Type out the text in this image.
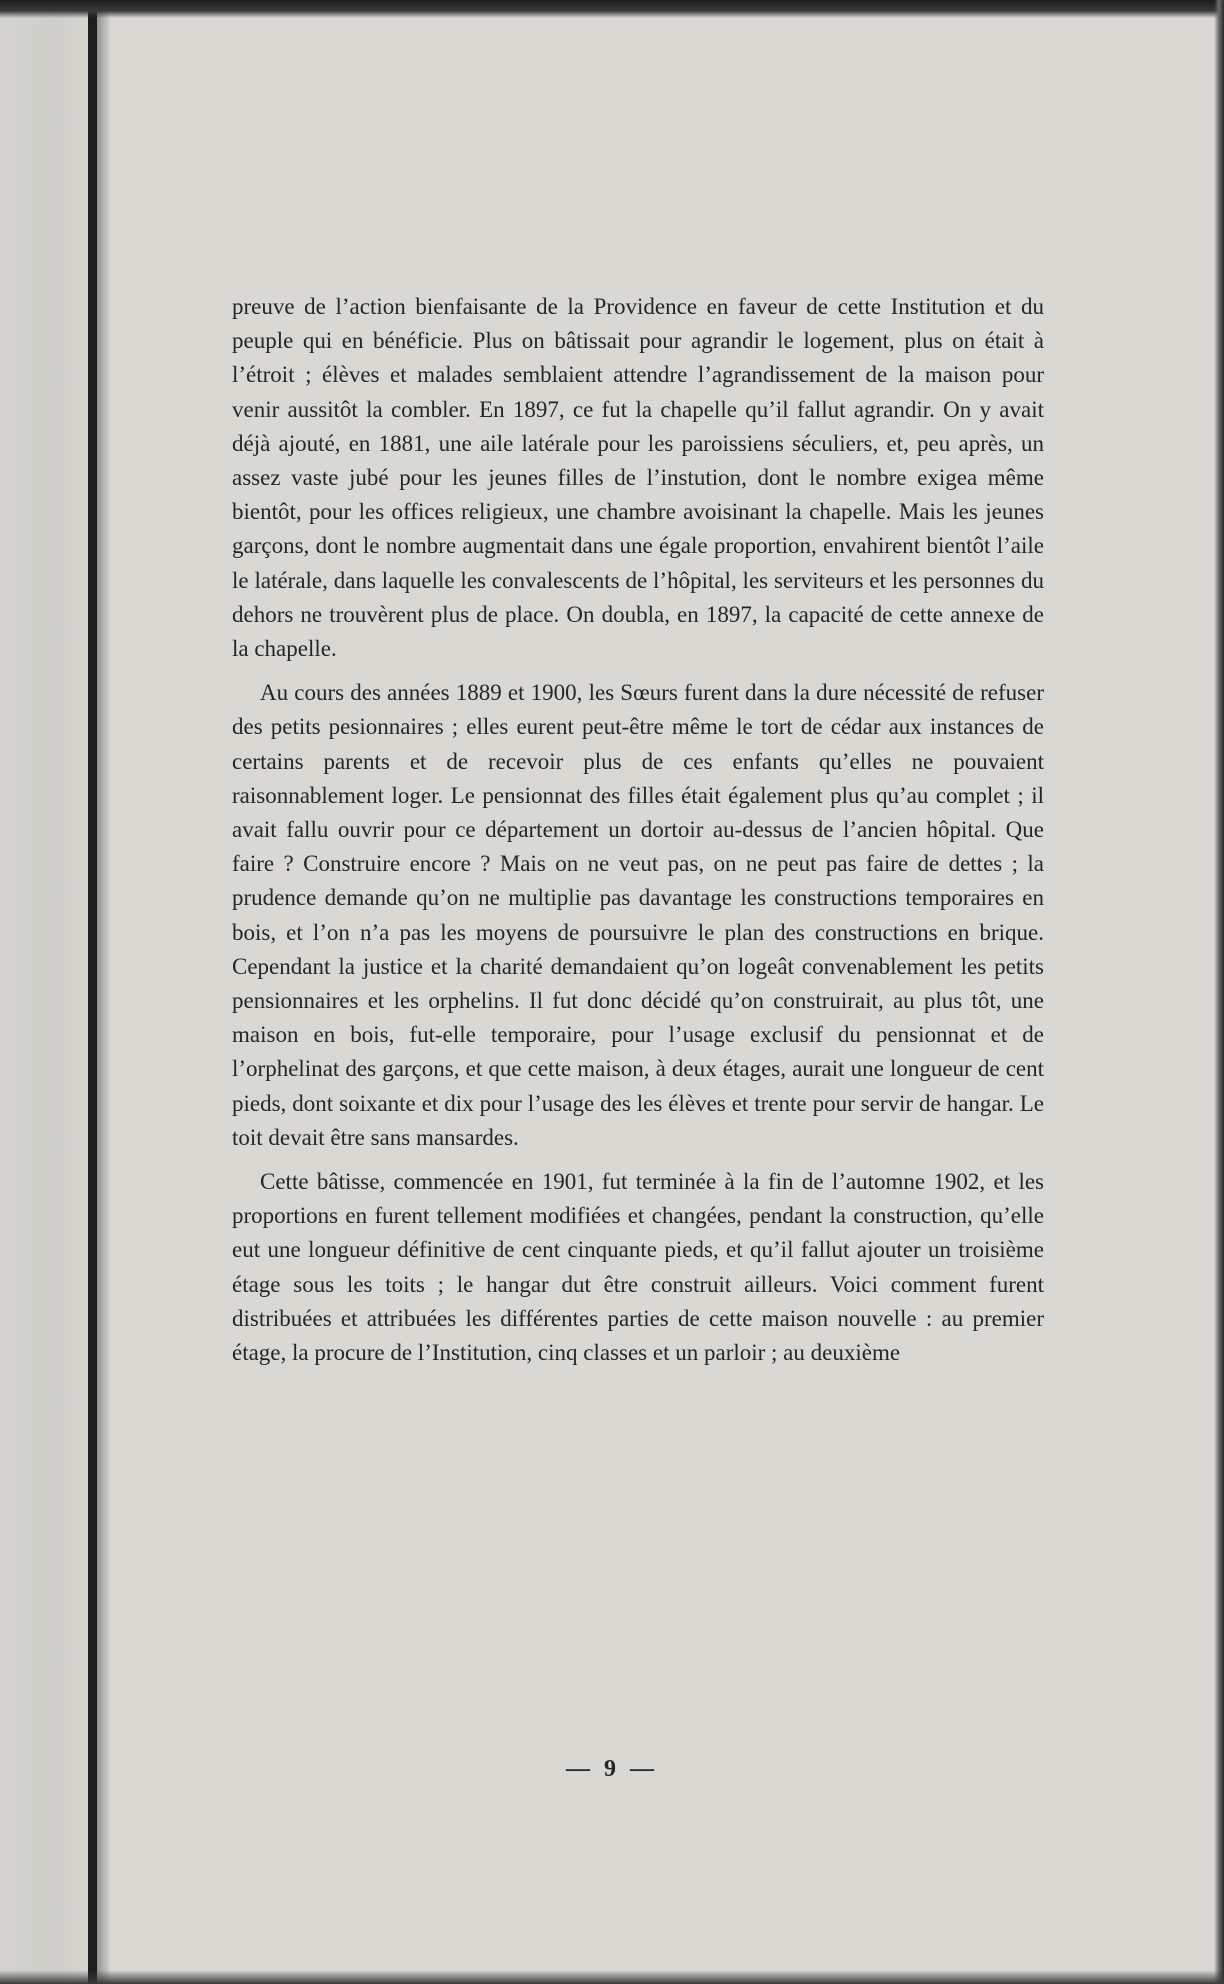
preuve de l’action bienfaisante de la Providence en faveur de cette Institution et du peuple qui en bénéficie. Plus on bâtissait pour agrandir le logement, plus on était à l’étroit ; élèves et malades semblaient attendre l’agrandissement de la maison pour venir aussitôt la combler. En 1897, ce fut la chapelle qu’il fallut agrandir. On y avait déjà ajouté, en 1881, une aile latérale pour les paroissiens séculiers, et, peu après, un assez vaste jubé pour les jeunes filles de l’instution, dont le nombre exigea même bientôt, pour les offices religieux, une chambre avoisinant la chapelle. Mais les jeunes garçons, dont le nombre augmentait dans une égale proportion, envahirent bientôt l’aile le latérale, dans laquelle les convalescents de l’hôpital, les serviteurs et les personnes du dehors ne trouvèrent plus de place. On doubla, en 1897, la capacité de cette annexe de la chapelle.

Au cours des années 1889 et 1900, les Sœurs furent dans la dure nécessité de refuser des petits pesionnaires ; elles eurent peut-être même le tort de cédar aux instances de certains parents et de recevoir plus de ces enfants qu’elles ne pouvaient raisonnablement loger. Le pensionnat des filles était également plus qu’au complet ; il avait fallu ouvrir pour ce département un dortoir au-dessus de l’ancien hôpital. Que faire ? Construire encore ? Mais on ne veut pas, on ne peut pas faire de dettes ; la prudence demande qu’on ne multiplie pas davantage les constructions temporaires en bois, et l’on n’a pas les moyens de poursuivre le plan des constructions en brique. Cependant la justice et la charité demandaient qu’on logeât convenablement les petits pensionnaires et les orphelins. Il fut donc décidé qu’on construirait, au plus tôt, une maison en bois, fut-elle temporaire, pour l’usage exclusif du pensionnat et de l’orphelinat des garçons, et que cette maison, à deux étages, aurait une longueur de cent pieds, dont soixante et dix pour l’usage des les élèves et trente pour servir de hangar. Le toit devait être sans mansardes.

Cette bâtisse, commencée en 1901, fut terminée à la fin de l’automne 1902, et les proportions en furent tellement modifiées et changées, pendant la construction, qu’elle eut une longueur définitive de cent cinquante pieds, et qu’il fallut ajouter un troisième étage sous les toits ; le hangar dut être construit ailleurs. Voici comment furent distribuées et attribuées les différentes parties de cette maison nouvelle : au premier étage, la procure de l’Institution, cinq classes et un parloir ; au deuxième

— 9 —
